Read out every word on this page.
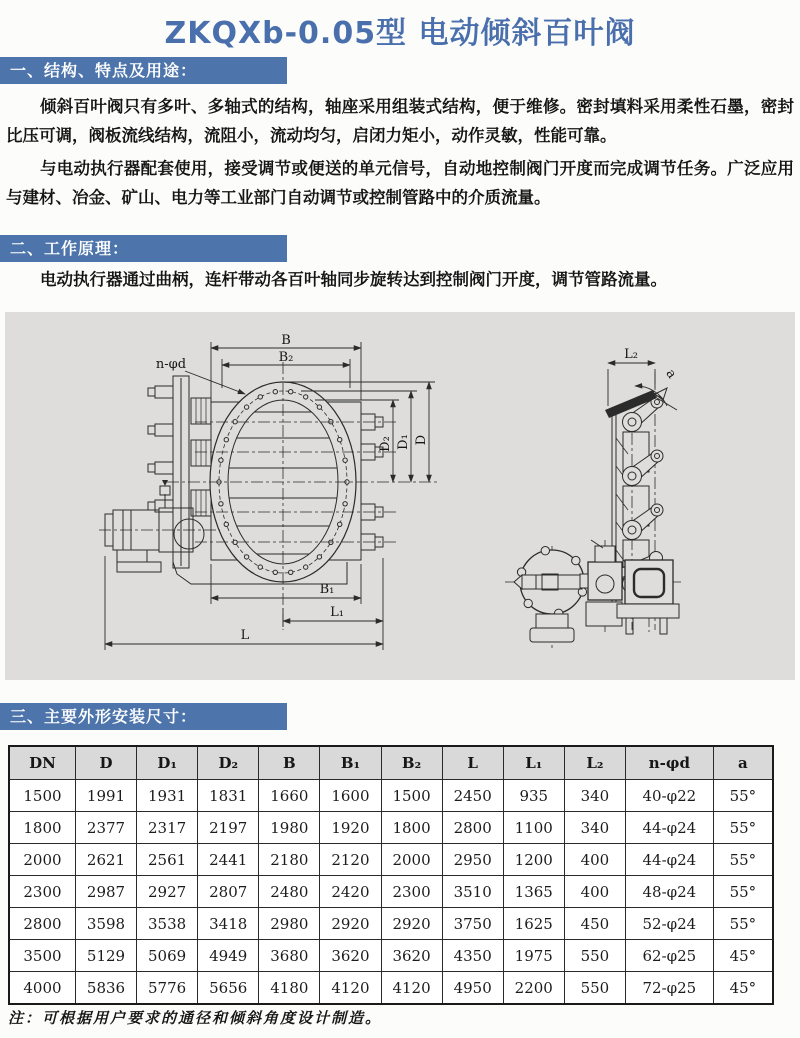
ZKQXb-0.05型 电动倾斜百叶阀
一、结构、特点及用途：

倾斜百叶阀只有多叶、多轴式的结构，轴座采用组装式结构，便于维修。密封填料采用柔性石墨，密封比压可调，阀板流线结构，流阻小，流动均匀，启闭力矩小，动作灵敏，性能可靠。

与电动执行器配套使用，接受调节或便送的单元信号，自动地控制阀门开度而完成调节任务。广泛应用与建材、冶金、矿山、电力等工业部门自动调节或控制管路中的介质流量。

二、工作原理：

电动执行器通过曲柄，连杆带动各百叶轴同步旋转达到控制阀门开度，调节管路流量。

n-φd
B
B₂
D₂ D₁ D
B₁
L₁
L
L₂
a
三、主要外形安装尺寸：
DN	D	D₁	D₂	B	B₁	B₂	L	L₁	L₂	n-φd	a
1500	1991	1931	1831	1660	1600	1500	2450	935	340	40-φ22	55°
1800	2377	2317	2197	1980	1920	1800	2800	1100	340	44-φ24	55°
2000	2621	2561	2441	2180	2120	2000	2950	1200	400	44-φ24	55°
2300	2987	2927	2807	2480	2420	2300	3510	1365	400	48-φ24	55°
2800	3598	3538	3418	2980	2920	2920	3750	1625	450	52-φ24	55°
3500	5129	5069	4949	3680	3620	3620	4350	1975	550	62-φ25	45°
4000	5836	5776	5656	4180	4120	4120	4950	2200	550	72-φ25	45°
注：可根据用户要求的通径和倾斜角度设计制造。
